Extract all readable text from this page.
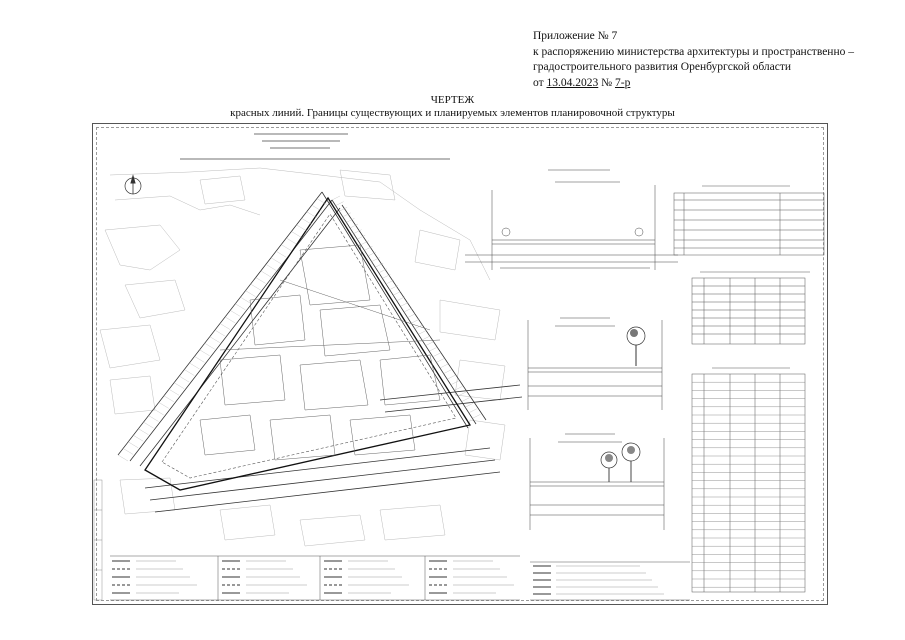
Приложение № 7
к распоряжению министерства архитектуры и пространственно –
градостроительного развития Оренбургской области
от 13.04.2023 № 7-р
ЧЕРТЕЖ
красных линий. Границы существующих и планируемых элементов планировочной структуры
